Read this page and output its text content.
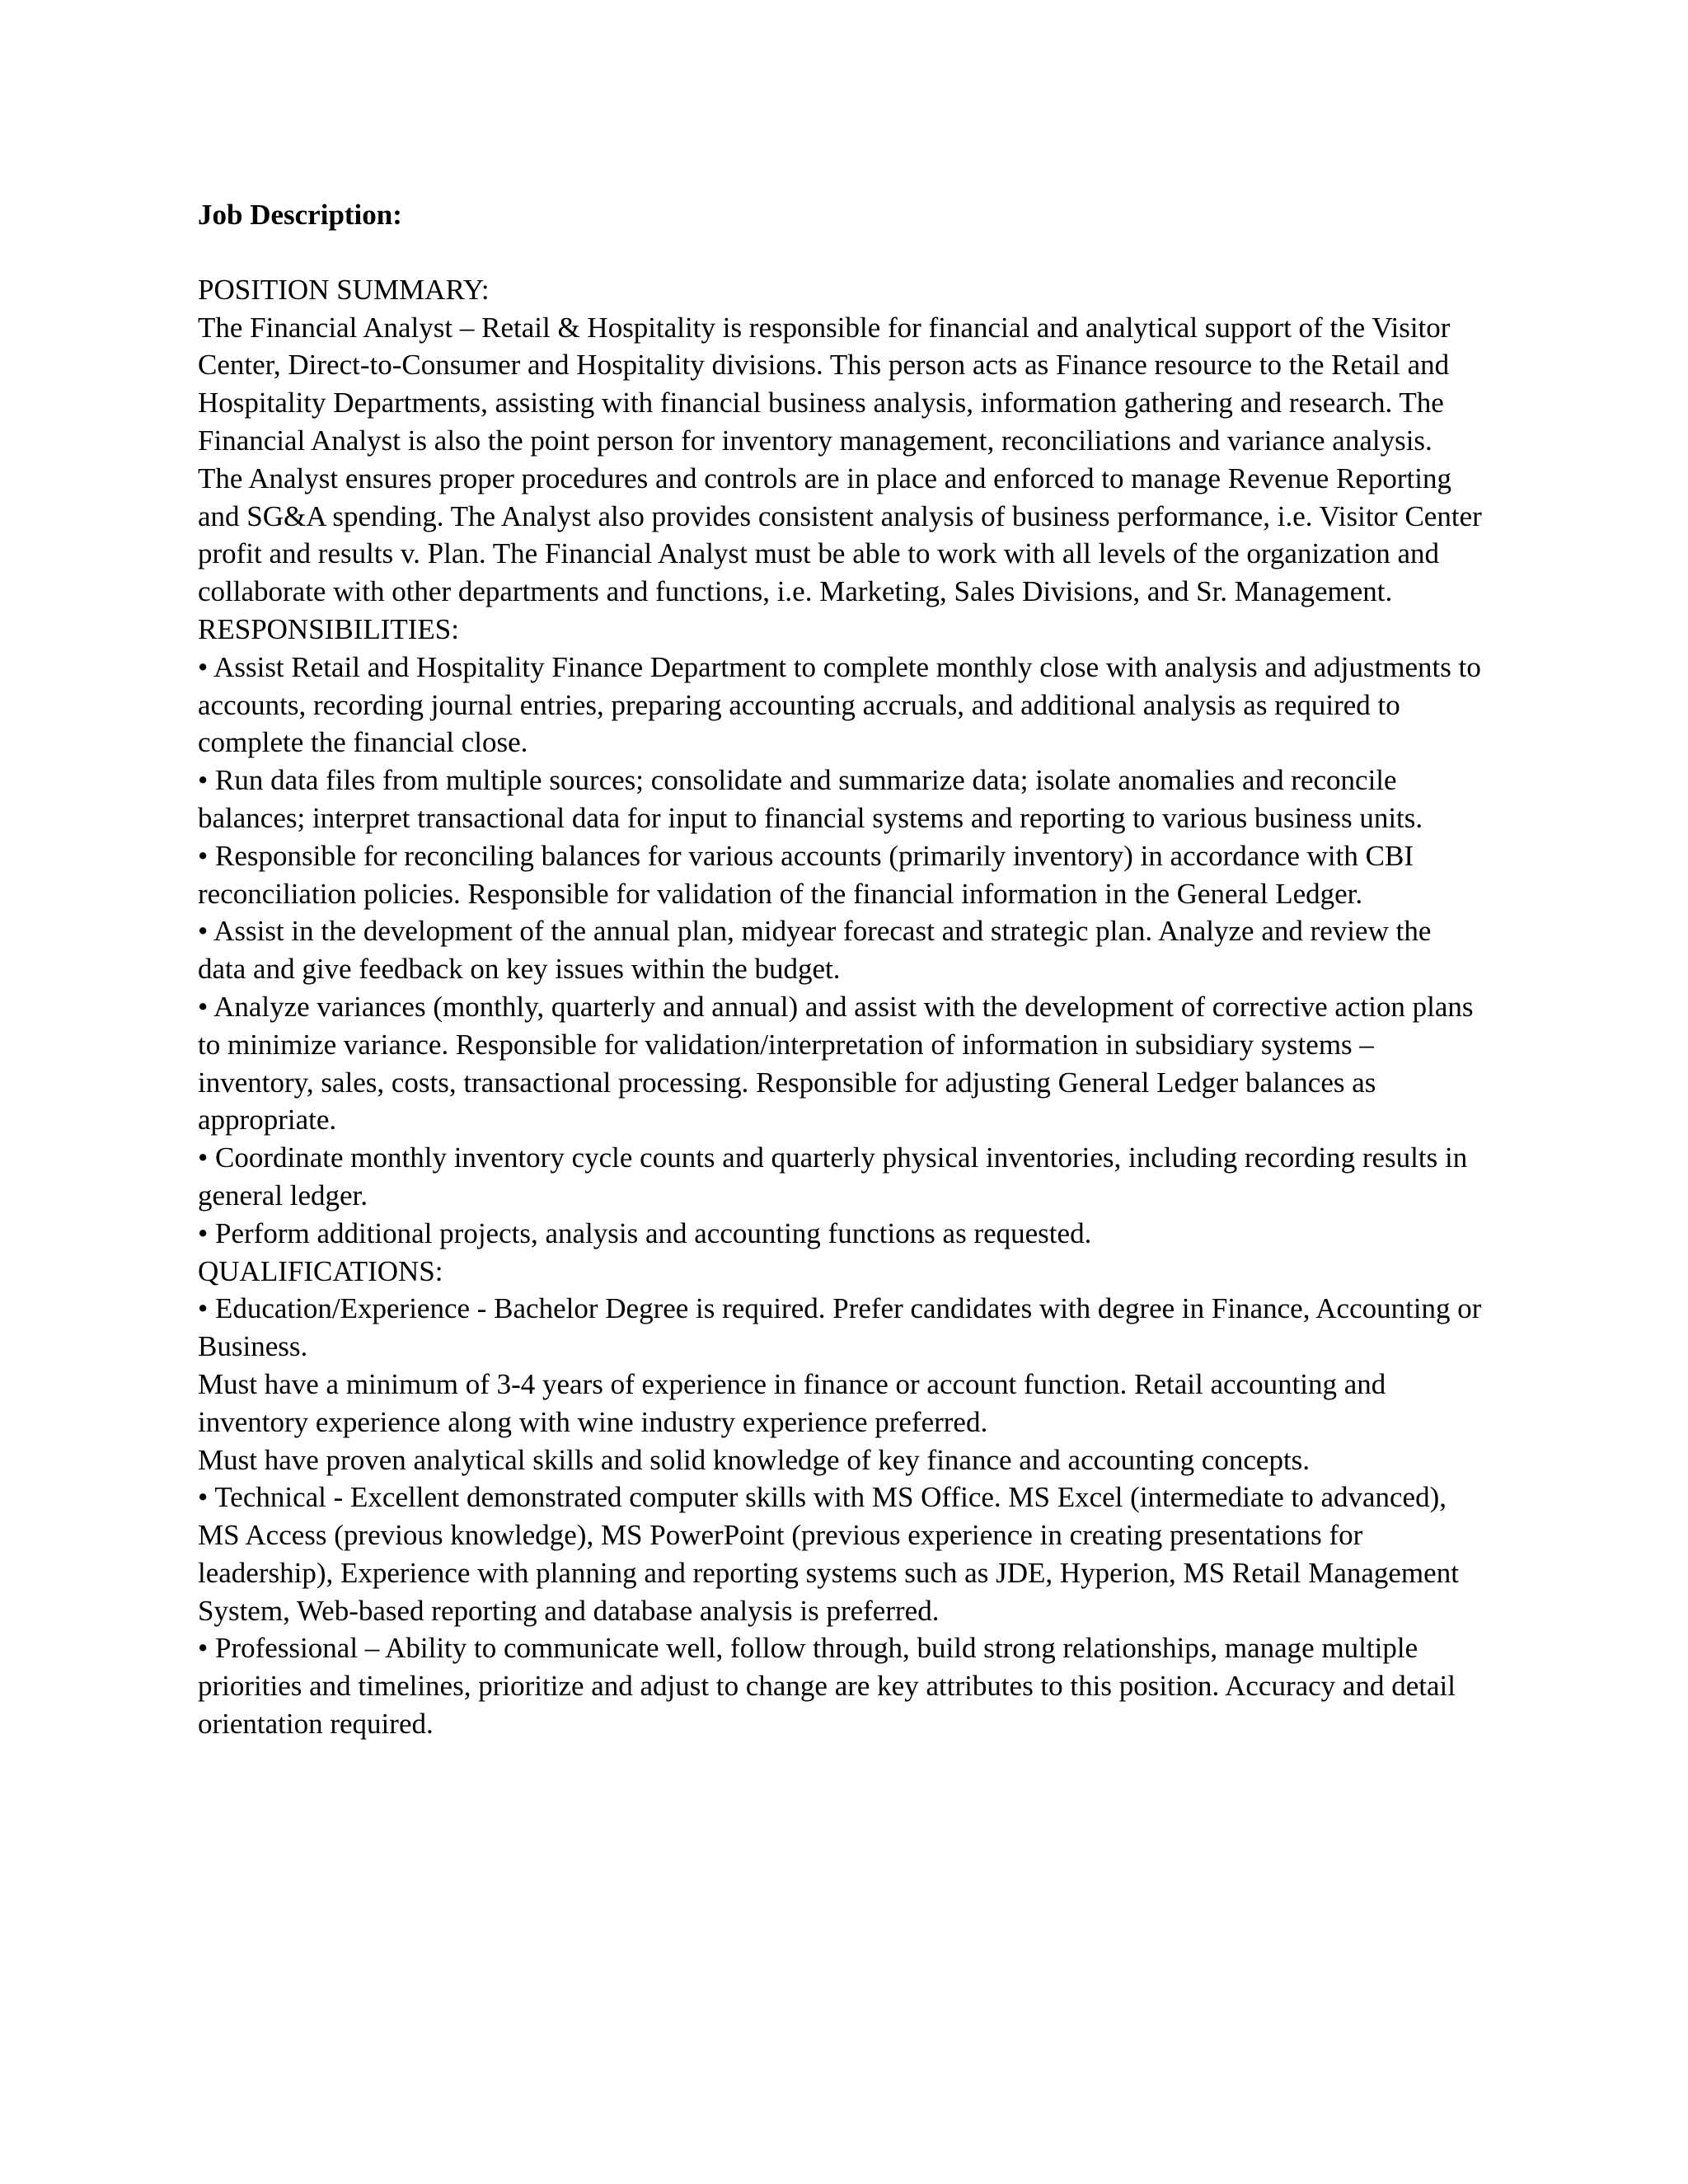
Job Description:
POSITION SUMMARY:

The Financial Analyst – Retail & Hospitality is responsible for financial and analytical support of the Visitor Center, Direct-to-Consumer and Hospitality divisions. This person acts as Finance resource to the Retail and Hospitality Departments, assisting with financial business analysis, information gathering and research. The Financial Analyst is also the point person for inventory management, reconciliations and variance analysis. The Analyst ensures proper procedures and controls are in place and enforced to manage Revenue Reporting and SG&A spending. The Analyst also provides consistent analysis of business performance, i.e. Visitor Center profit and results v. Plan. The Financial Analyst must be able to work with all levels of the organization and collaborate with other departments and functions, i.e. Marketing, Sales Divisions, and Sr. Management.

RESPONSIBILITIES:

• Assist Retail and Hospitality Finance Department to complete monthly close with analysis and adjustments to accounts, recording journal entries, preparing accounting accruals, and additional analysis as required to complete the financial close.

• Run data files from multiple sources; consolidate and summarize data; isolate anomalies and reconcile balances; interpret transactional data for input to financial systems and reporting to various business units.

• Responsible for reconciling balances for various accounts (primarily inventory) in accordance with CBI reconciliation policies. Responsible for validation of the financial information in the General Ledger.

• Assist in the development of the annual plan, midyear forecast and strategic plan. Analyze and review the data and give feedback on key issues within the budget.

• Analyze variances (monthly, quarterly and annual) and assist with the development of corrective action plans to minimize variance. Responsible for validation/interpretation of information in subsidiary systems – inventory, sales, costs, transactional processing. Responsible for adjusting General Ledger balances as appropriate.

• Coordinate monthly inventory cycle counts and quarterly physical inventories, including recording results in general ledger.

• Perform additional projects, analysis and accounting functions as requested.

QUALIFICATIONS:

• Education/Experience - Bachelor Degree is required. Prefer candidates with degree in Finance, Accounting or Business.

Must have a minimum of 3-4 years of experience in finance or account function. Retail accounting and inventory experience along with wine industry experience preferred.

Must have proven analytical skills and solid knowledge of key finance and accounting concepts.

• Technical - Excellent demonstrated computer skills with MS Office. MS Excel (intermediate to advanced), MS Access (previous knowledge), MS PowerPoint (previous experience in creating presentations for leadership), Experience with planning and reporting systems such as JDE, Hyperion, MS Retail Management System, Web-based reporting and database analysis is preferred.

• Professional – Ability to communicate well, follow through, build strong relationships, manage multiple priorities and timelines, prioritize and adjust to change are key attributes to this position. Accuracy and detail orientation required.
